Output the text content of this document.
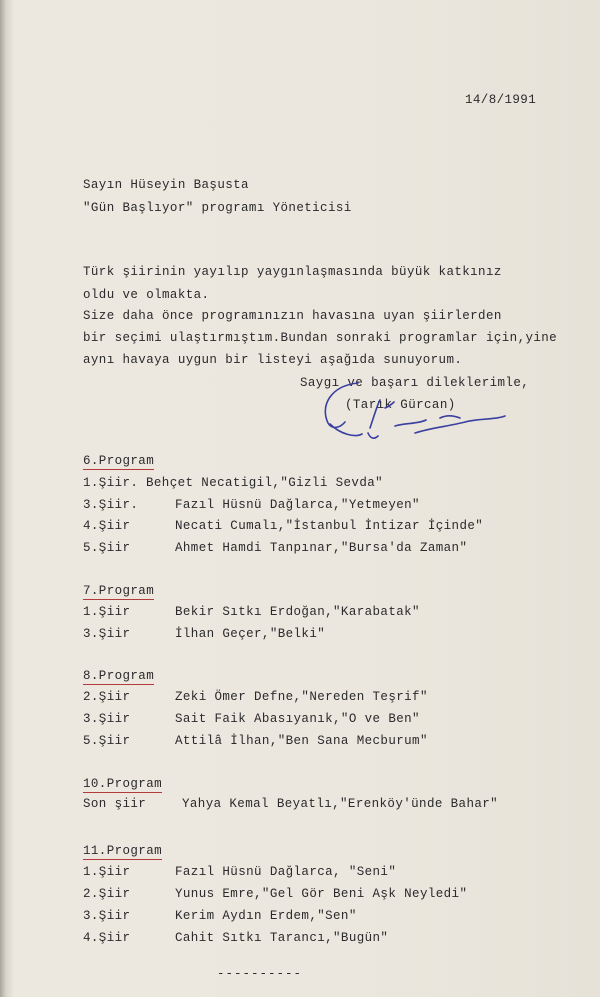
14/8/1991
Sayın Hüseyin Başusta
"Gün Başlıyor" programı Yöneticisi
Türk şiirinin yayılıp yaygınlaşmasında büyük katkınız
oldu ve olmakta.
Size daha önce programınızın havasına uyan şiirlerden
bir seçimi ulaştırmıştım.Bundan sonraki programlar için,yine
aynı havaya uygun bir listeyi aşağıda sunuyorum.
Saygı ve başarı dileklerimle,
(Tarık Gürcan)
6.Program
1.Şiir. Behçet Necatigil,"Gizli Sevda"
3.Şiir.	Fazıl Hüsnü Dağlarca,"Yetmeyen"
4.Şiir	Necati Cumalı,"İstanbul İntizar İçinde"
5.Şiir	Ahmet Hamdi Tanpınar,"Bursa'da Zaman"
7.Program
1.Şiir	Bekir Sıtkı Erdoğan,"Karabatak"
3.Şiir	İlhan Geçer,"Belki"
8.Program
2.Şiir	Zeki Ömer Defne,"Nereden Teşrif"
3.Şiir	Sait Faik Abasıyanık,"O ve Ben"
5.Şiir	Attilâ İlhan,"Ben Sana Mecburum"
10.Program
Son şiir	Yahya Kemal Beyatlı,"Erenköy'ünde Bahar"
11.Program
1.Şiir	Fazıl Hüsnü Dağlarca, "Seni"
2.Şiir	Yunus Emre,"Gel Gör Beni Aşk Neyledi"
3.Şiir	Kerim Aydın Erdem,"Sen"
4.Şiir	Cahit Sıtkı Tarancı,"Bugün"
----------
